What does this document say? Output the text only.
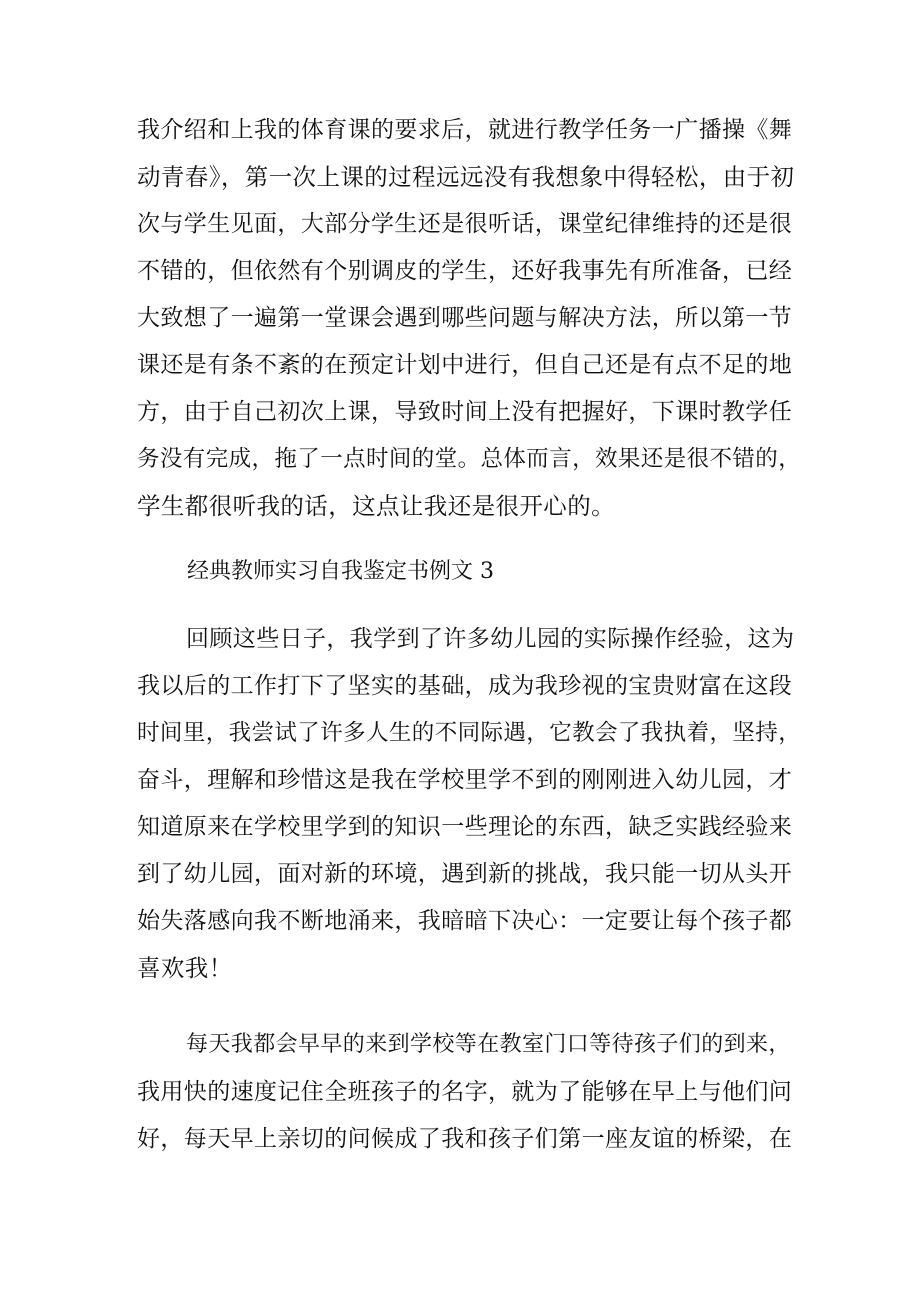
我介绍和上我的体育课的要求后，就进行教学任务一广播操《舞
动青春》，第一次上课的过程远远没有我想象中得轻松，由于初
次与学生见面，大部分学生还是很听话，课堂纪律维持的还是很
不错的，但依然有个别调皮的学生，还好我事先有所准备，已经
大致想了一遍第一堂课会遇到哪些问题与解决方法，所以第一节
课还是有条不紊的在预定计划中进行，但自己还是有点不足的地
方，由于自己初次上课，导致时间上没有把握好，下课时教学任
务没有完成，拖了一点时间的堂。总体而言，效果还是很不错的，
学生都很听我的话，这点让我还是很开心的。
经典教师实习自我鉴定书例文 3
回顾这些日子，我学到了许多幼儿园的实际操作经验，这为
我以后的工作打下了坚实的基础，成为我珍视的宝贵财富在这段
时间里，我尝试了许多人生的不同际遇，它教会了我执着，坚持，
奋斗，理解和珍惜这是我在学校里学不到的刚刚进入幼儿园，才
知道原来在学校里学到的知识一些理论的东西，缺乏实践经验来
到了幼儿园，面对新的环境，遇到新的挑战，我只能一切从头开
始失落感向我不断地涌来，我暗暗下决心：一定要让每个孩子都
喜欢我！
每天我都会早早的来到学校等在教室门口等待孩子们的到来，
我用快的速度记住全班孩子的名字，就为了能够在早上与他们问
好，每天早上亲切的问候成了我和孩子们第一座友谊的桥梁，在
